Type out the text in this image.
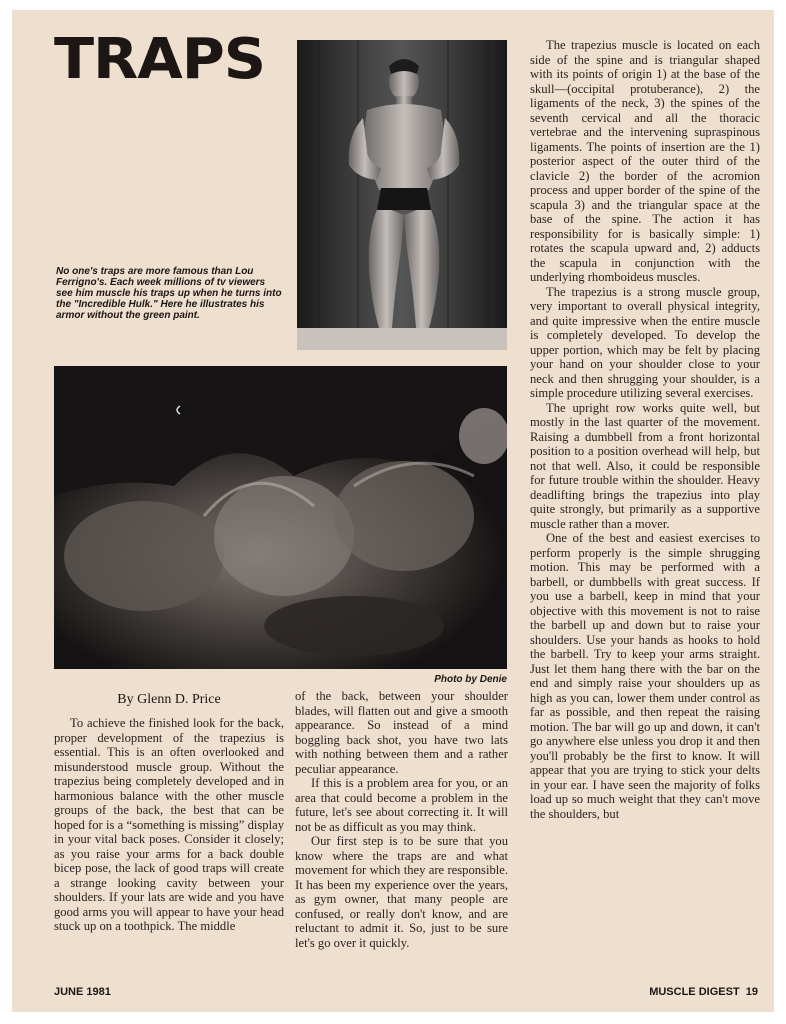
TRAPS
No one's traps are more famous than Lou Ferrigno's. Each week millions of tv viewers see him muscle his traps up when he turns into the "Incredible Hulk." Here he illustrates his armor without the green paint.
Photo by Denie
By Glenn D. Price

To achieve the finished look for the back, proper development of the trapezius is essential. This is an often overlooked and misunderstood muscle group. Without the trapezius being completely developed and in harmonious balance with the other muscle groups of the back, the best that can be hoped for is a “something is missing” display in your vital back poses. Consider it closely; as you raise your arms for a back double bicep pose, the lack of good traps will create a strange looking cavity between your shoulders. If your lats are wide and you have good arms you will appear to have your head stuck up on a toothpick. The middle

of the back, between your shoulder blades, will flatten out and give a smooth appearance. So instead of a mind boggling back shot, you have two lats with nothing between them and a rather peculiar appearance.

If this is a problem area for you, or an area that could become a problem in the future, let's see about correcting it. It will not be as difficult as you may think.

Our first step is to be sure that you know where the traps are and what movement for which they are responsible. It has been my experience over the years, as gym owner, that many people are confused, or really don't know, and are reluctant to admit it. So, just to be sure let's go over it quickly.

The trapezius muscle is located on each side of the spine and is triangular shaped with its points of origin 1) at the base of the skull—(occipital protuberance), 2) the ligaments of the neck, 3) the spines of the seventh cervical and all the thoracic vertebrae and the intervening supraspinous ligaments. The points of insertion are the 1) posterior aspect of the outer third of the clavicle 2) the border of the acromion process and upper border of the spine of the scapula 3) and the triangular space at the base of the spine. The action it has responsibility for is basically simple: 1) rotates the scapula upward and, 2) adducts the scapula in conjunction with the underlying rhomboideus muscles.

The trapezius is a strong muscle group, very important to overall physical integrity, and quite impressive when the entire muscle is completely developed. To develop the upper portion, which may be felt by placing your hand on your shoulder close to your neck and then shrugging your shoulder, is a simple procedure utilizing several exercises.

The upright row works quite well, but mostly in the last quarter of the movement. Raising a dumbbell from a front horizontal position to a position overhead will help, but not that well. Also, it could be responsible for future trouble within the shoulder. Heavy deadlifting brings the trapezius into play quite strongly, but primarily as a supportive muscle rather than a mover.

One of the best and easiest exercises to perform properly is the simple shrugging motion. This may be performed with a barbell, or dumbbells with great success. If you use a barbell, keep in mind that your objective with this movement is not to raise the barbell up and down but to raise your shoulders. Use your hands as hooks to hold the barbell. Try to keep your arms straight. Just let them hang there with the bar on the end and simply raise your shoulders up as high as you can, lower them under control as far as possible, and then repeat the raising motion. The bar will go up and down, it can't go anywhere else unless you drop it and then you'll probably be the first to know. It will appear that you are trying to stick your delts in your ear. I have seen the majority of folks load up so much weight that they can't move the shoulders, but

JUNE 1981	MUSCLE DIGEST  19
